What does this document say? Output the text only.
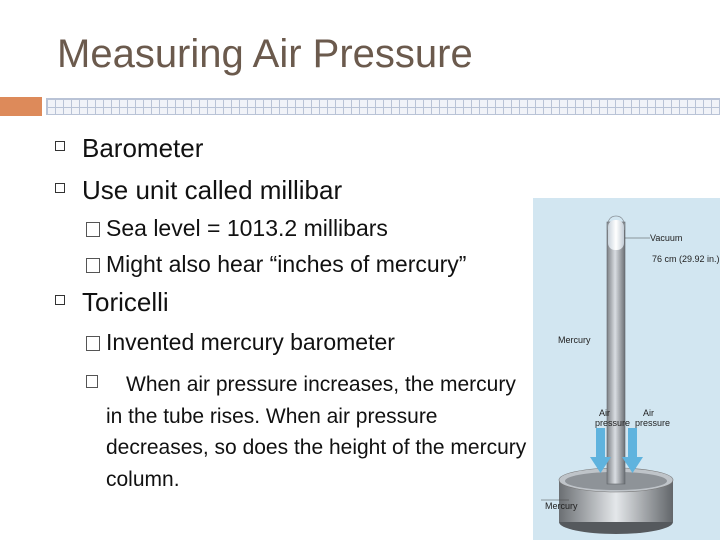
Measuring Air Pressure
Barometer
Use unit called millibar
Sea level = 1013.2 millibars
Might also hear “inches of mercury”
Toricelli
Invented mercury barometer
When air pressure increases, the mercury in the tube rises. When air pressure decreases, so does the height of the mercury column.
Vacuum
76 cm (29.92 in.)
Mercury
Air
pressure
Air
pressure
Mercury
